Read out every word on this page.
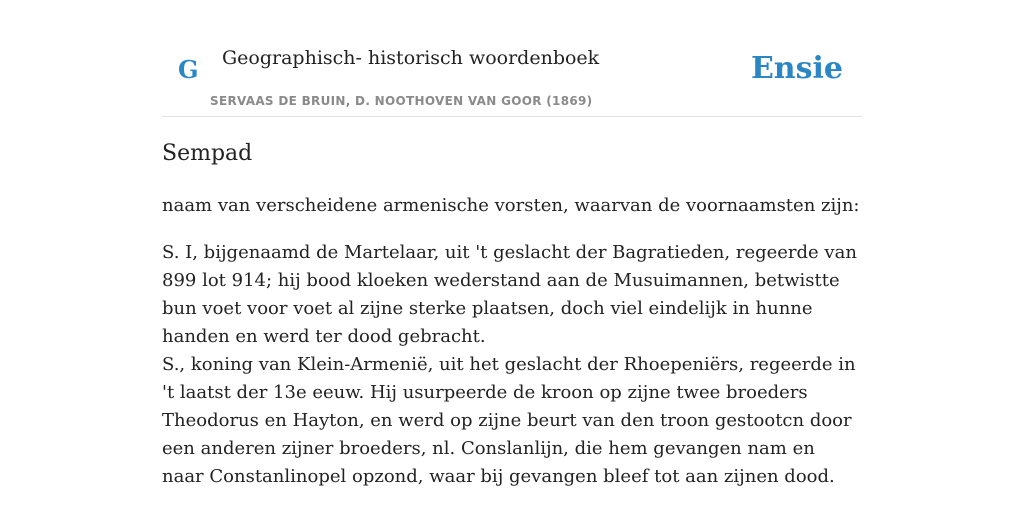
G Geographisch- historisch woordenboek
SERVAAS DE BRUIN, D. NOOTHOVEN VAN GOOR (1869)
Ensie
Sempad

naam van verscheidene armenische vorsten, waarvan de voornaamsten zijn:

S. I, bijgenaamd de Martelaar, uit 't geslacht der Bagratieden, regeerde van 899 lot 914; hij bood kloeken wederstand aan de Musuimannen, betwistte bun voet voor voet al zijne sterke plaatsen, doch viel eindelijk in hunne handen en werd ter dood gebracht.

S., koning van Klein-Armenië, uit het geslacht der Rhoepeniërs, regeerde in 't laatst der 13e eeuw. Hij usurpeerde de kroon op zijne twee broeders Theodorus en Hayton, en werd op zijne beurt van den troon gestootcn door een anderen zijner broeders, nl. Conslanlijn, die hem gevangen nam en naar Constanlinopel opzond, waar bij gevangen bleef tot aan zijnen dood.
